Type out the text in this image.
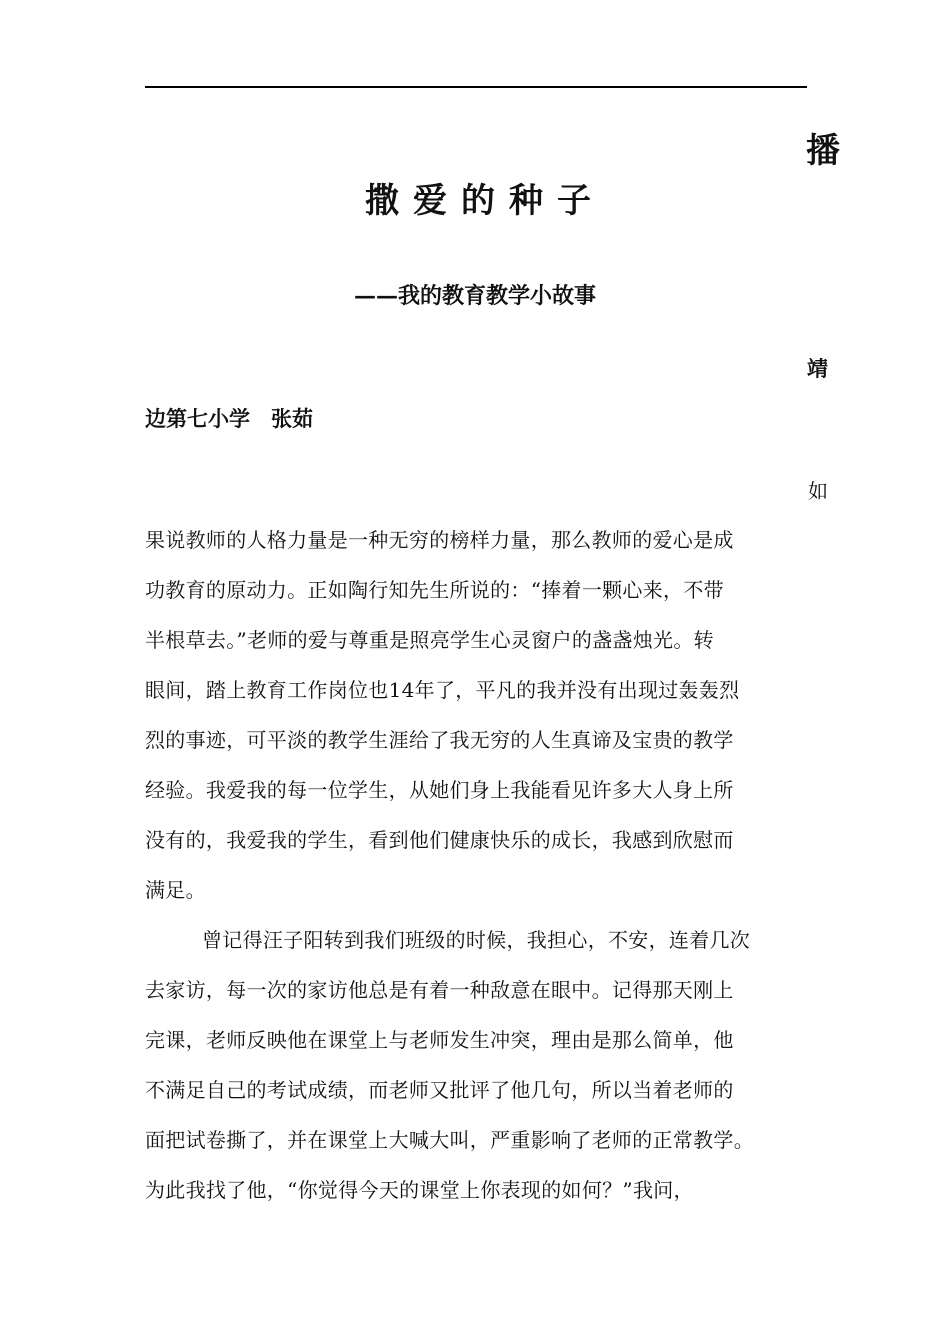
播
撒爱的种子
——我的教育教学小故事
靖
边第七小学　张茹
如
果说教师的人格力量是一种无穷的榜样力量，那么教师的爱心是成
功教育的原动力。正如陶行知先生所说的：“捧着一颗心来，不带
半根草去。”老师的爱与尊重是照亮学生心灵窗户的盏盏烛光。转
眼间，踏上教育工作岗位也14年了，平凡的我并没有出现过轰轰烈
烈的事迹，可平淡的教学生涯给了我无穷的人生真谛及宝贵的教学
经验。我爱我的每一位学生，从她们身上我能看见许多大人身上所
没有的，我爱我的学生，看到他们健康快乐的成长，我感到欣慰而
满足。
曾记得汪子阳转到我们班级的时候，我担心，不安，连着几次
去家访，每一次的家访他总是有着一种敌意在眼中。记得那天刚上
完课，老师反映他在课堂上与老师发生冲突，理由是那么简单，他
不满足自己的考试成绩，而老师又批评了他几句，所以当着老师的
面把试卷撕了，并在课堂上大喊大叫，严重影响了老师的正常教学。
为此我找了他，“你觉得今天的课堂上你表现的如何？”我问，
